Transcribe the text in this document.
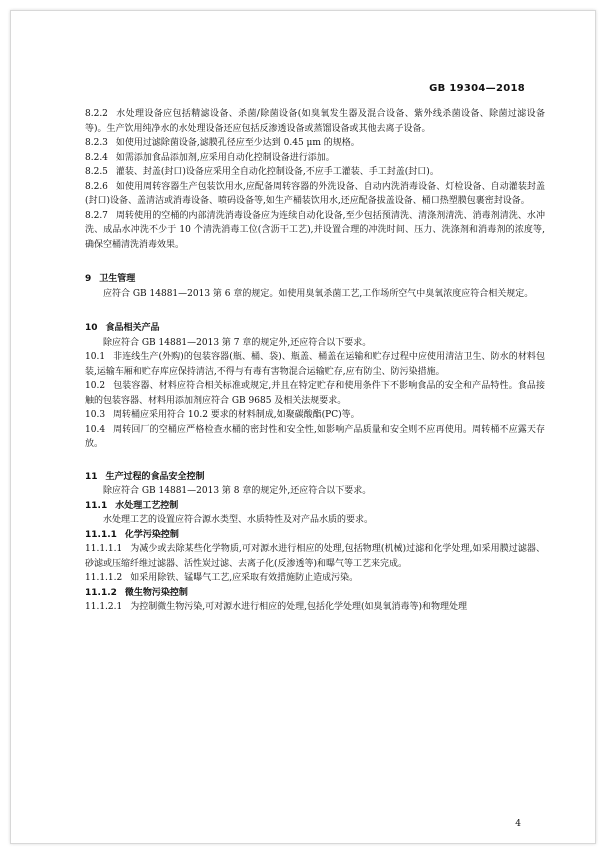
GB 19304—2018

8.2.2 水处理设备应包括精滤设备、杀菌/除菌设备(如臭氧发生器及混合设备、紫外线杀菌设备、除菌过滤设备等)。生产饮用纯净水的水处理设备还应包括反渗透设备或蒸馏设备或其他去离子设备。

8.2.3 如使用过滤除菌设备,滤膜孔径应至少达到 0.45 μm 的规格。

8.2.4 如需添加食品添加剂,应采用自动化控制设备进行添加。

8.2.5 灌装、封盖(封口)设备应采用全自动化控制设备,不应手工灌装、手工封盖(封口)。

8.2.6 如使用周转容器生产包装饮用水,应配备周转容器的外洗设备、自动内洗消毒设备、灯检设备、自动灌装封盖(封口)设备、盖清洁或消毒设备、喷码设备等,如生产桶装饮用水,还应配备拔盖设备、桶口热塑膜包裹密封设备。

8.2.7 周转使用的空桶的内部清洗消毒设备应为连续自动化设备,至少包括预清洗、清涤剂清洗、消毒剂清洗、水冲洗、成品水冲洗不少于 10 个清洗消毒工位(含沥干工艺),并设置合理的冲洗时间、压力、洗涤剂和消毒剂的浓度等,确保空桶清洗消毒效果。

9 卫生管理

应符合 GB 14881—2013 第 6 章的规定。如使用臭氧杀菌工艺,工作场所空气中臭氧浓度应符合相关规定。

10 食品相关产品

除应符合 GB 14881—2013 第 7 章的规定外,还应符合以下要求。

10.1 非连线生产(外购)的包装容器(瓶、桶、袋)、瓶盖、桶盖在运输和贮存过程中应使用清洁卫生、防水的材料包装,运输车厢和贮存库应保持清洁,不得与有毒有害物混合运输贮存,应有防尘、防污染措施。

10.2 包装容器、材料应符合相关标准或规定,并且在特定贮存和使用条件下不影响食品的安全和产品特性。食品接触的包装容器、材料用添加剂应符合 GB 9685 及相关法规要求。

10.3 周转桶应采用符合 10.2 要求的材料制成,如聚碳酸酯(PC)等。

10.4 周转回厂的空桶应严格检查水桶的密封性和安全性,如影响产品质量和安全则不应再使用。周转桶不应露天存放。

11 生产过程的食品安全控制

除应符合 GB 14881—2013 第 8 章的规定外,还应符合以下要求。

11.1 水处理工艺控制

水处理工艺的设置应符合源水类型、水质特性及对产品水质的要求。

11.1.1 化学污染控制

11.1.1.1 为减少或去除某些化学物质,可对源水进行相应的处理,包括物理(机械)过滤和化学处理,如采用膜过滤器、砂滤或压缩纤维过滤器、活性炭过滤、去离子化(反渗透等)和曝气等工艺来完成。

11.1.1.2 如采用除铁、锰曝气工艺,应采取有效措施防止造成污染。

11.1.2 微生物污染控制

11.1.2.1 为控制微生物污染,可对源水进行相应的处理,包括化学处理(如臭氧消毒等)和物理处理

4
